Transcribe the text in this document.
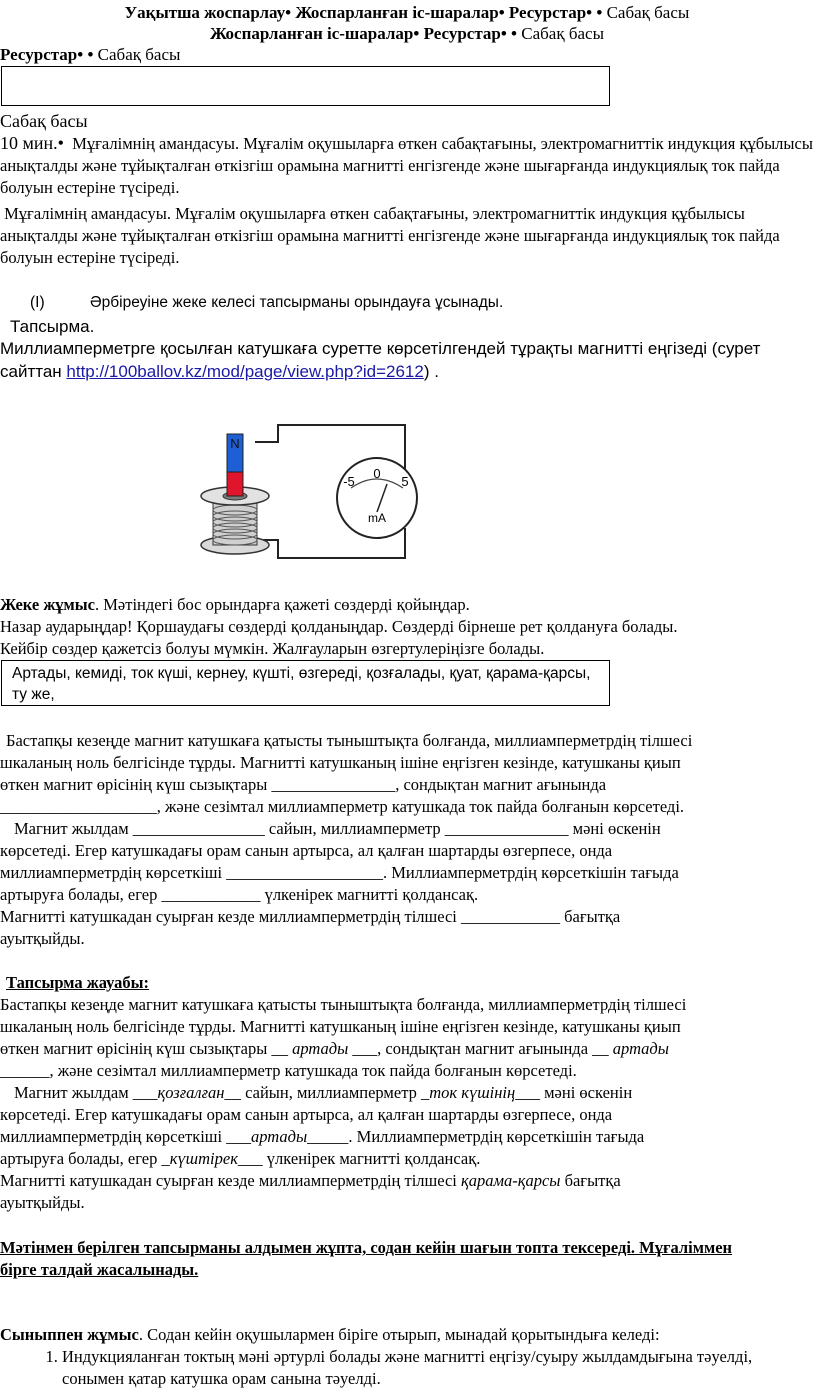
Уақытша жоспарлау• Жоспарланған іс-шаралар• Ресурстар• • Сабақ басы

Жоспарланған іс-шаралар• Ресурстар• • Сабақ басы

Ресурстар• • Сабақ басы

Сабақ басы

10 мин.• Мұғалімнің амандасуы. Мұғалім оқушыларға өткен сабақтағыны, электромагниттік индукция құбылысы анықталды және тұйықталған өткізгіш орамына магнитті енгізгенде және шығарғанда индукциялық ток пайда болуын естеріне түсіреді.

Мұғалімнің амандасуы. Мұғалім оқушыларға өткен сабақтағыны, электромагниттік индукция құбылысы анықталды және тұйықталған өткізгіш орамына магнитті енгізгенде және шығарғанда индукциялық ток пайда болуын естеріне түсіреді.

(I)	Әрбіреуіне жеке келесі тапсырманы орындауға ұсынады.

Тапсырма.

Миллиамперметрге қосылған катушкаға суретте көрсетілгендей тұрақты магнитті еңгізеді (сурет сайттан http://100ballov.kz/mod/page/view.php?id=2612) .

N
-5
0
5
mA

Жеке жұмыс. Мәтіндегі бос орындарға қажеті сөздерді қойыңдар.

Назар аударыңдар! Қоршаудағы сөздерді қолданыңдар. Сөздерді бірнеше рет қолдануға болады.

Кейбір сөздер қажетсіз болуы мүмкін. Жалғауларын өзгертулеріңізге болады.

Артады, кемиді, ток күші, кернеу, күшті, өзгереді, қозғалады, қуат, қарама-қарсы, ту же,

Бастапқы кезеңде магнит катушкаға қатысты тыныштықта болғанда, миллиамперметрдің тілшесі

шкаланың ноль белгісінде тұрды. Магнитті катушканың ішіне еңгізген кезінде, катушканы қиып

өткен магнит өрісінің күш сызықтары _______________, сондықтан магнит ағынында

___________________, және сезімтал миллиамперметр катушкада ток пайда болғанын көрсетеді.

Магнит жылдам ________________ сайын, миллиамперметр _______________ мәні өскенін

көрсетеді. Егер катушкадағы орам санын артырса, ал қалған шартарды өзгерпесе, онда

миллиамперметрдің көрсеткіші ___________________. Миллиамперметрдің көрсеткішін тағыда

артыруға болады, егер ____________ үлкенірек магнитті қолдансақ.

Магнитті катушкадан суырған кезде миллиамперметрдің тілшесі ____________ бағытқа

ауытқыйды.

Тапсырма жауабы:

Бастапқы кезеңде магнит катушкаға қатысты тыныштықта болғанда, миллиамперметрдің тілшесі

шкаланың ноль белгісінде тұрды. Магнитті катушканың ішіне еңгізген кезінде, катушканы қиып

өткен магнит өрісінің күш сызықтары __ артады ___, сондықтан магнит ағынында __ артады

______, және сезімтал миллиамперметр катушкада ток пайда болғанын көрсетеді.

Магнит жылдам ___қозғалған__ сайын, миллиамперметр _ток күшінің___ мәні өскенін

көрсетеді. Егер катушкадағы орам санын артырса, ал қалған шартарды өзгерпесе, онда

миллиамперметрдің көрсеткіші ___артады_____. Миллиамперметрдің көрсеткішін тағыда

артыруға болады, егер _күштірек___ үлкенірек магнитті қолдансақ.

Магнитті катушкадан суырған кезде миллиамперметрдің тілшесі қарама-қарсы бағытқа

ауытқыйды.

Мәтінмен берілген тапсырманы алдымен жұпта, содан кейін шағын топта тексереді. Мұғаліммен бірге талдай жасалынады.

Сыныппен жұмыс. Содан кейін оқушылармен біріге отырып, мынадай қорытындыға келеді:

1. Индукцияланған токтың мәні әртурлі болады және магнитті еңгізу/суыру жылдамдығына тәуелді, сонымен қатар катушка орам санына тәуелді.
